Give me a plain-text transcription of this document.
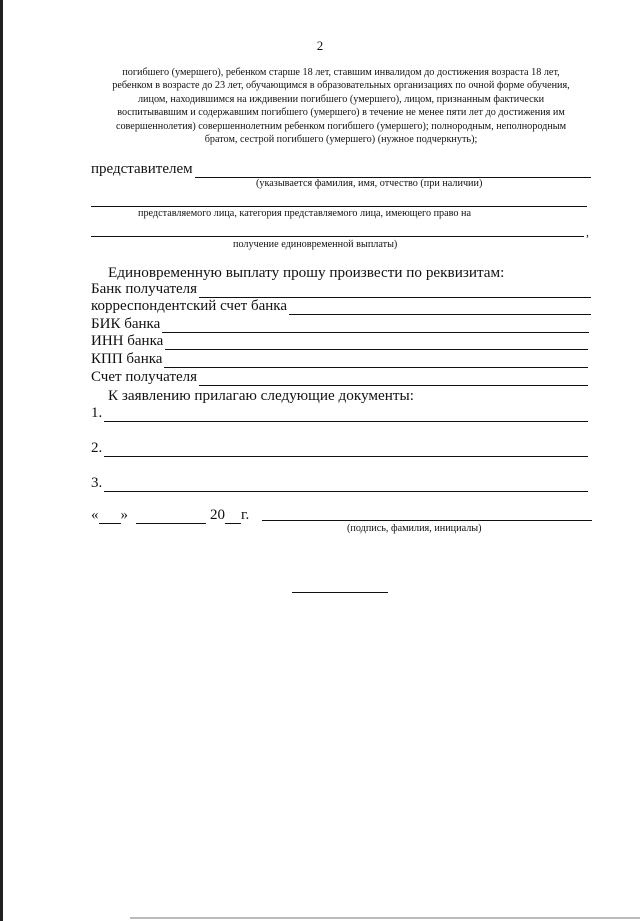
2
погибшего (умершего), ребенком старше 18 лет, ставшим инвалидом до достижения возраста 18 лет,
ребенком в возрасте до 23 лет, обучающимся в образовательных организациях по очной форме обучения,
лицом, находившимся на иждивении погибшего (умершего), лицом, признанным фактически
воспитывавшим и содержавшим погибшего (умершего) в течение не менее пяти лет до достижения им
совершеннолетия) совершеннолетним ребенком погибшего (умершего); полнородным, неполнородным
братом, сестрой погибшего (умершего) (нужное подчеркнуть);
представителем
(указывается фамилия, имя, отчество (при наличии)
представляемого лица, категория представляемого лица, имеющего право на
,
получение единовременной выплаты)
Единовременную выплату прошу произвести по реквизитам:
Банк получателя
корреспондентский счет банка
БИК банка
ИНН банка
КПП банка
Счет получателя
К заявлению прилагаю следующие документы:
1.
2.
3.
« »	20 г.
(подпись, фамилия, инициалы)
